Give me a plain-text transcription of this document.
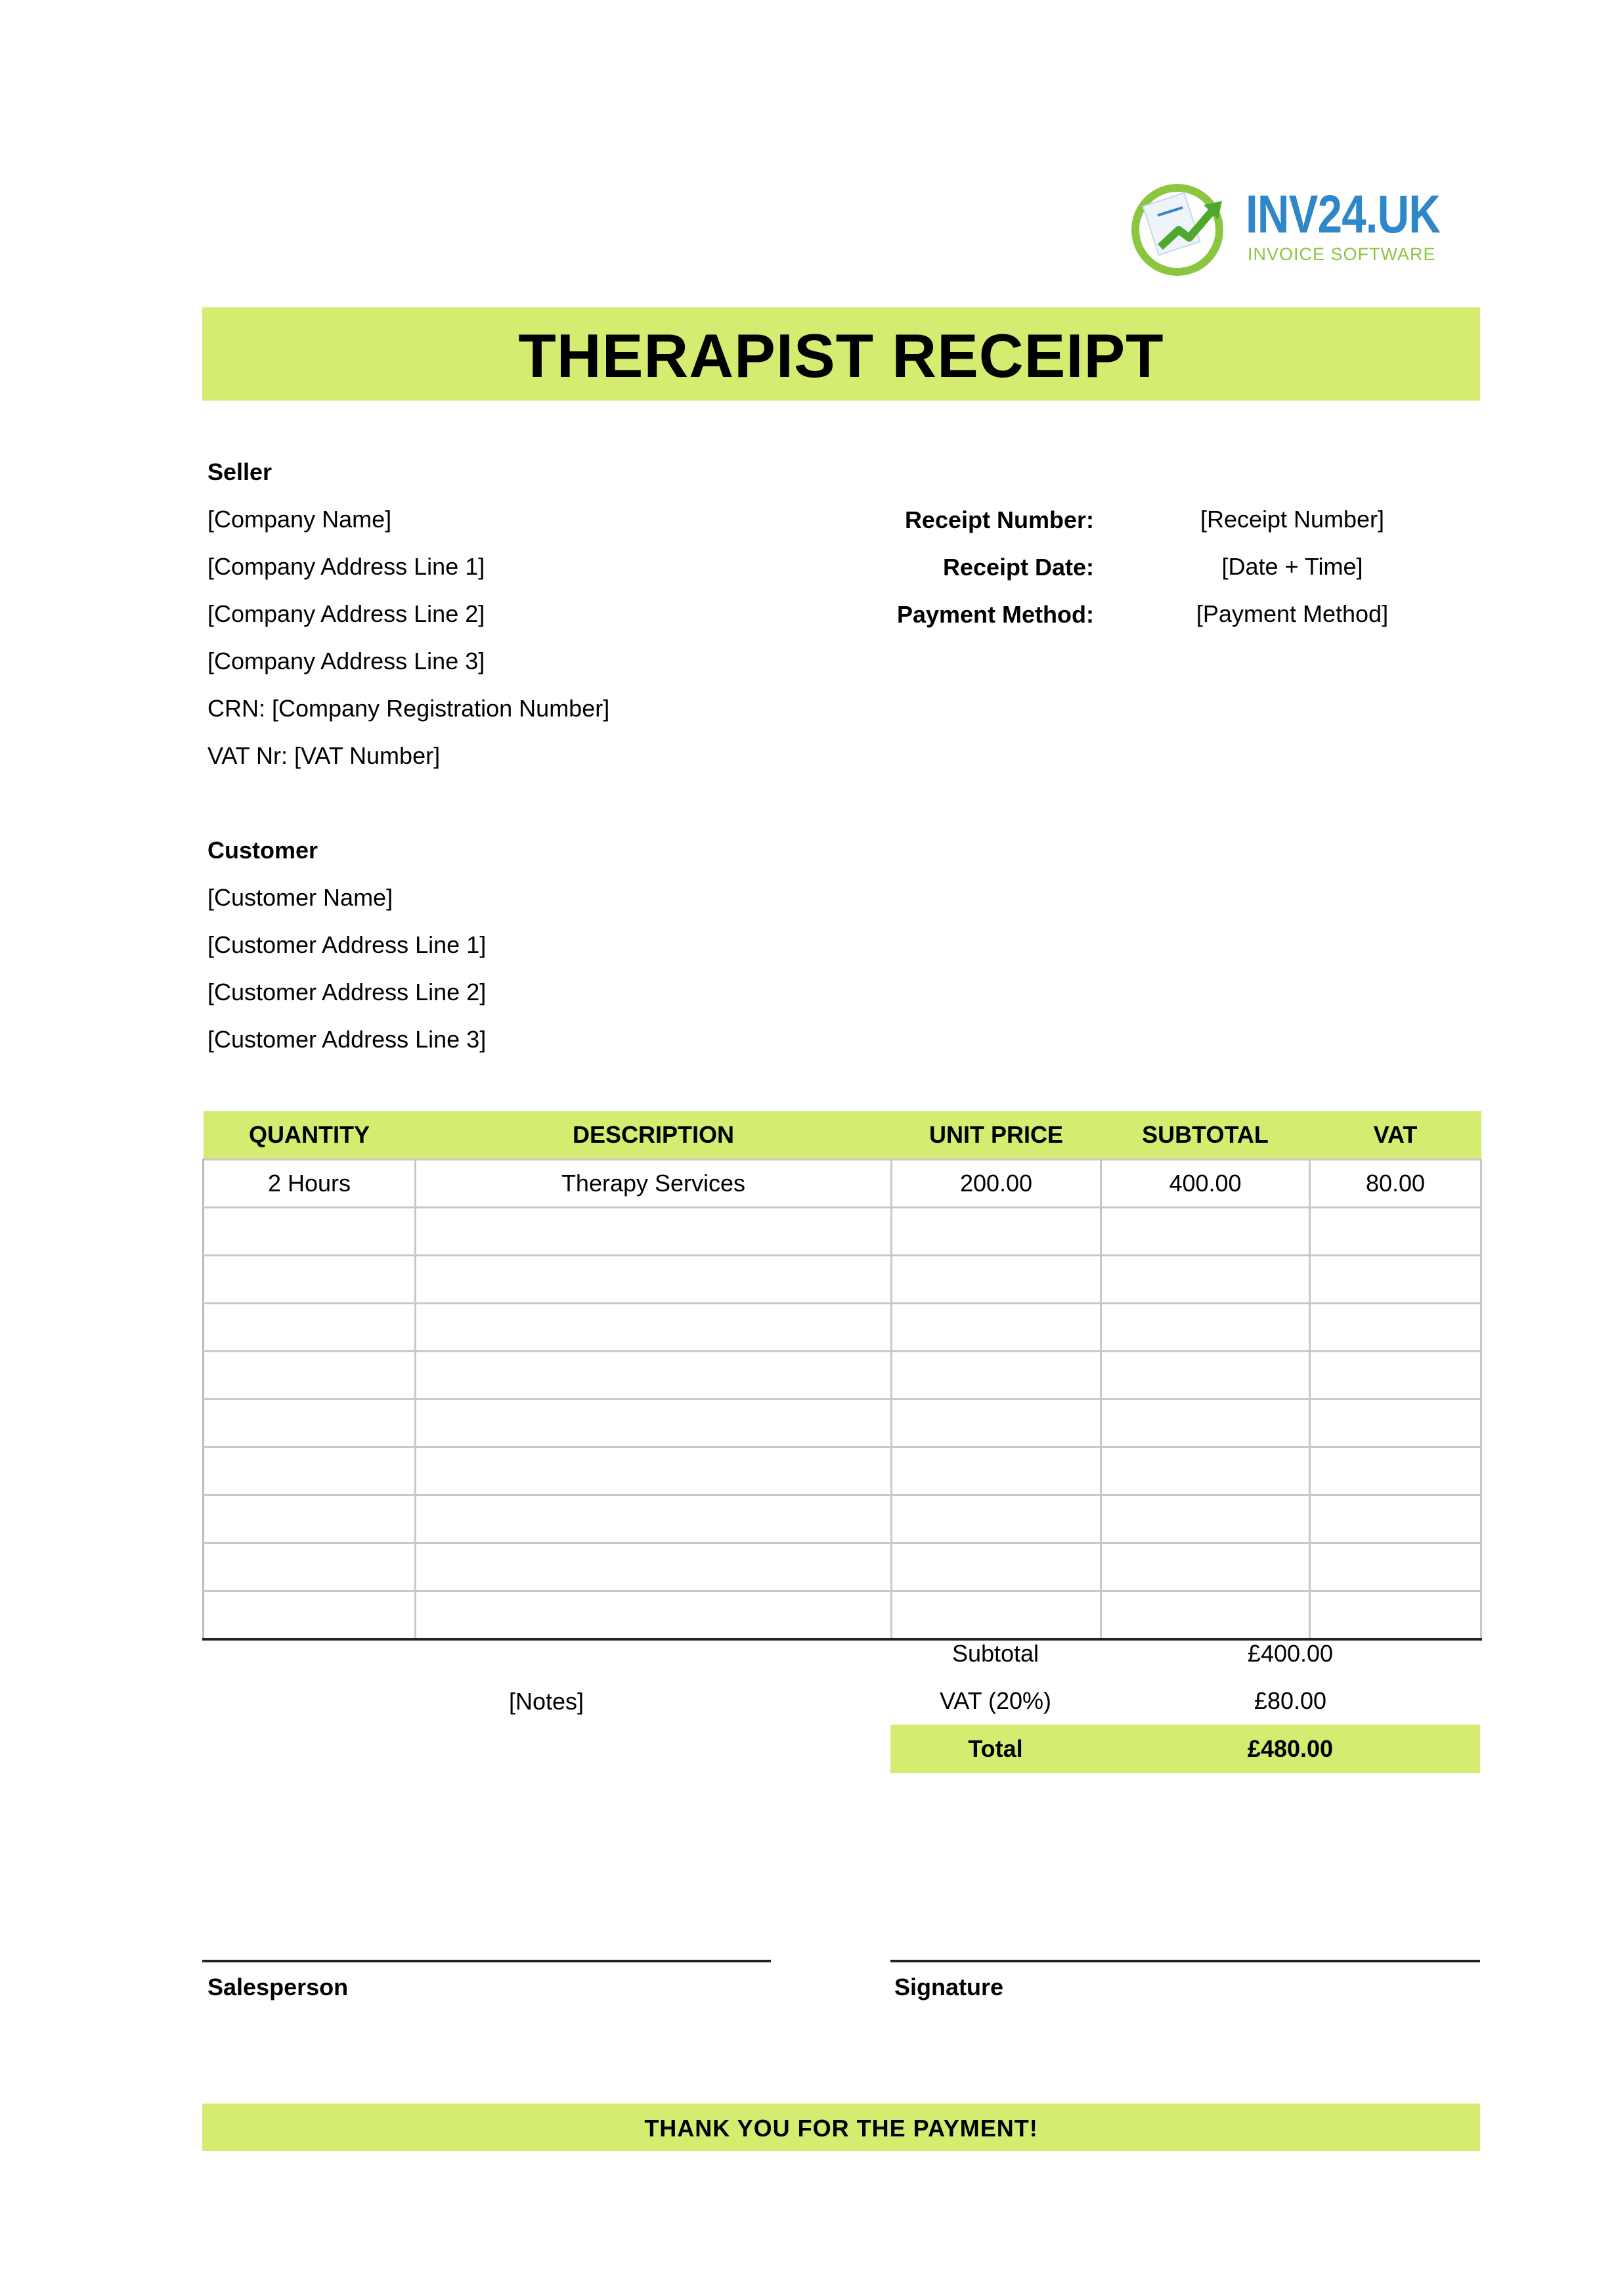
INV24.UK
INVOICE SOFTWARE
THERAPIST RECEIPT
Seller
[Company Name]
[Company Address Line 1]
[Company Address Line 2]
[Company Address Line 3]
CRN: [Company Registration Number]
VAT Nr: [VAT Number]
Receipt Number:	[Receipt Number]
Receipt Date:	[Date + Time]
Payment Method:	[Payment Method]
Customer
[Customer Name]
[Customer Address Line 1]
[Customer Address Line 2]
[Customer Address Line 3]
QUANTITY	DESCRIPTION	UNIT PRICE	SUBTOTAL	VAT
2 Hours	Therapy Services	200.00	400.00	80.00

[Notes]
Subtotal	£400.00
VAT (20%)	£80.00
Total	£480.00
Salesperson	Signature
THANK YOU FOR THE PAYMENT!
